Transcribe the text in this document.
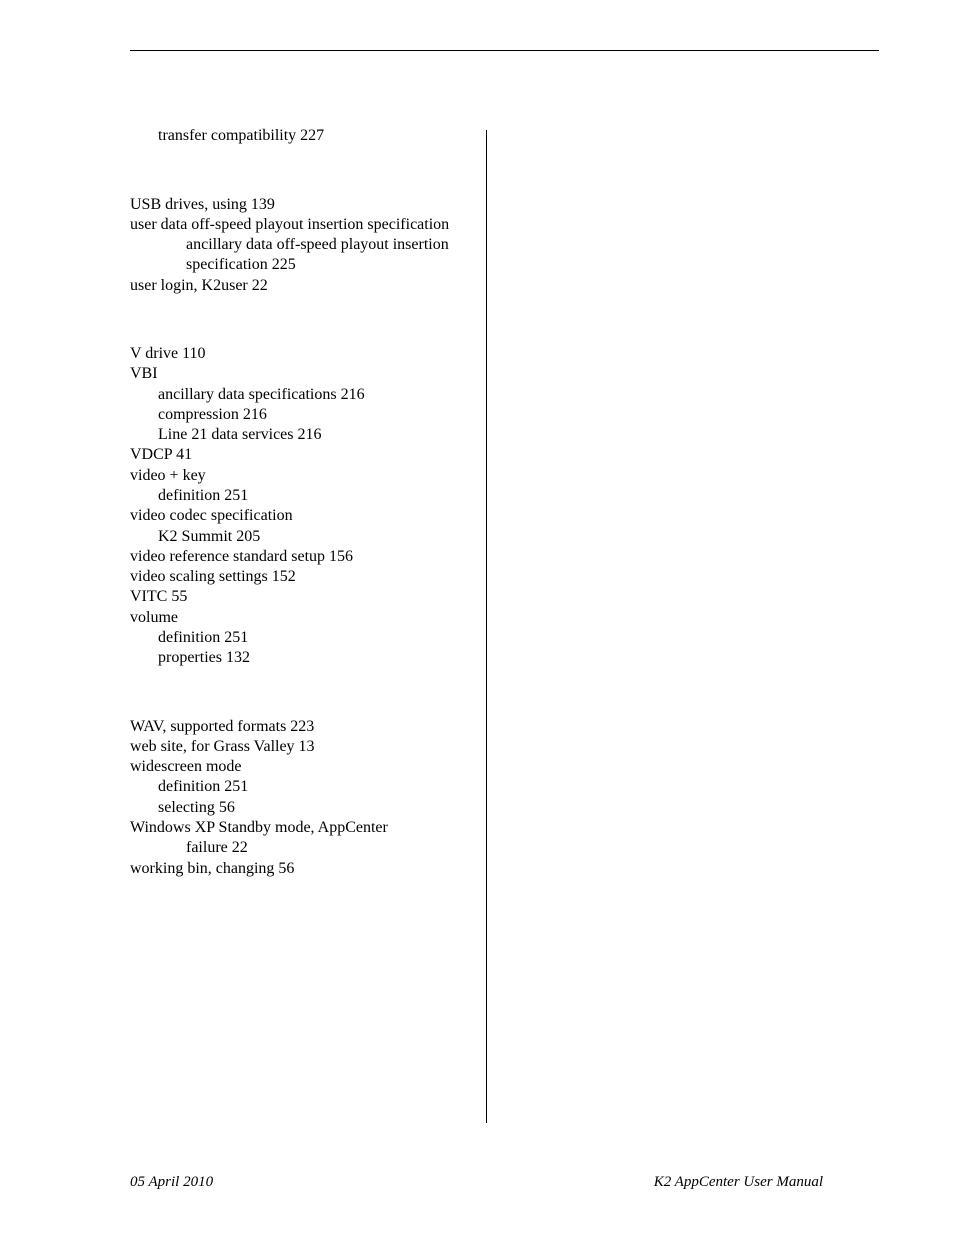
transfer compatibility 227
USB drives, using 139
user data off-speed playout insertion specification
ancillary data off-speed playout insertion
specification 225
user login, K2user 22
V drive 110
VBI
ancillary data specifications 216
compression 216
Line 21 data services 216
VDCP 41
video + key
definition 251
video codec specification
K2 Summit 205
video reference standard setup 156
video scaling settings 152
VITC 55
volume
definition 251
properties 132
WAV, supported formats 223
web site, for Grass Valley 13
widescreen mode
definition 251
selecting 56
Windows XP Standby mode, AppCenter
failure 22
working bin, changing 56
05 April 2010	K2 AppCenter User Manual
